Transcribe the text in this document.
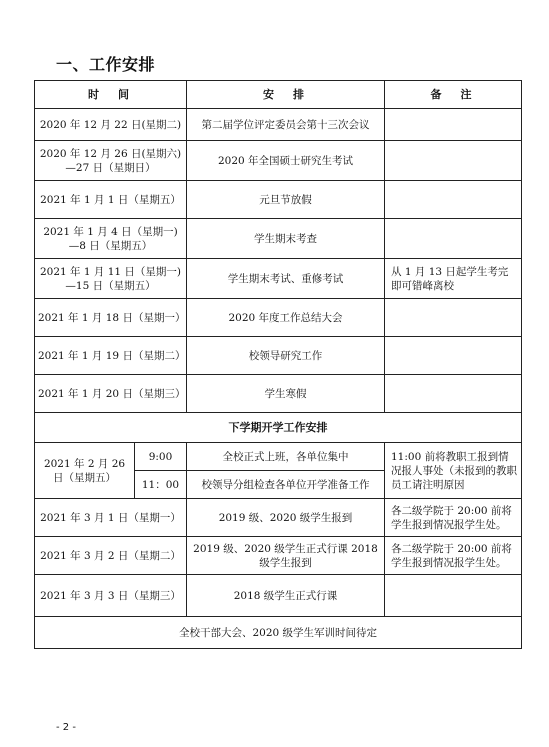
一、工作安排
时　间		安　排	备　注
2020 年 12 月 22 日(星期二)		第二届学位评定委员会第十三次会议	
2020 年 12 月 26 日(星期六) —27 日（星期日）		2020 年全国硕士研究生考试	
2021 年 1 月 1 日（星期五）		元旦节放假	
2021 年 1 月 4 日（星期一) —8 日（星期五）		学生期末考查	
2021 年 1 月 11 日（星期一) —15 日（星期五）		学生期末考试、重修考试	从 1 月 13 日起学生考完即可错峰离校
2021 年 1 月 18 日（星期一）		2020 年度工作总结大会	
2021 年 1 月 19 日（星期二）		校领导研究工作	
2021 年 1 月 20 日（星期三）		学生寒假	
下学期开学工作安排			
2021 年 2 月 26 日（星期五）	9:00	全校正式上班，各单位集中	11:00 前将教职工报到情况报人事处（未报到的教职员工请注明原因
	11：00	校领导分组检查各单位开学准备工作	
2021 年 3 月 1 日（星期一）		2019 级、2020 级学生报到	各二级学院于 20:00 前将学生报到情况报学生处。
2021 年 3 月 2 日（星期二）		2019 级、2020 级学生正式行课 2018 级学生报到	各二级学院于 20:00 前将学生报到情况报学生处。
2021 年 3 月 3 日（星期三）		2018 级学生正式行课	
全校干部大会、2020 级学生军训时间待定			
- 2 -
